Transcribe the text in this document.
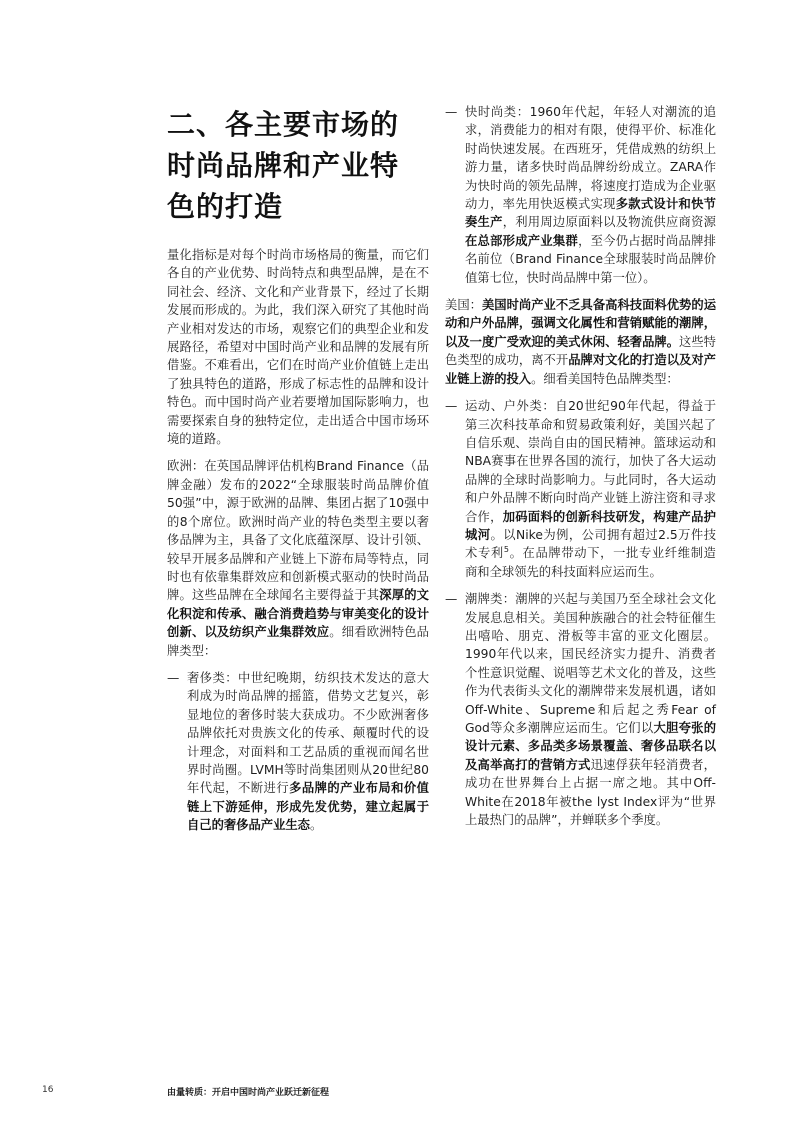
二、各主要市场的时尚品牌和产业特色的打造

量化指标是对每个时尚市场格局的衡量，而它们各自的产业优势、时尚特点和典型品牌，是在不同社会、经济、文化和产业背景下，经过了长期发展而形成的。为此，我们深入研究了其他时尚产业相对发达的市场，观察它们的典型企业和发展路径，希望对中国时尚产业和品牌的发展有所借鉴。不难看出，它们在时尚产业价值链上走出了独具特色的道路，形成了标志性的品牌和设计特色。而中国时尚产业若要增加国际影响力，也需要探索自身的独特定位，走出适合中国市场环境的道路。

欧洲：在英国品牌评估机构Brand Finance（品牌金融）发布的2022“全球服装时尚品牌价值50强”中，源于欧洲的品牌、集团占据了10强中的8个席位。欧洲时尚产业的特色类型主要以奢侈品牌为主，具备了文化底蕴深厚、设计引领、较早开展多品牌和产业链上下游布局等特点，同时也有依靠集群效应和创新模式驱动的快时尚品牌。这些品牌在全球闻名主要得益于其深厚的文化积淀和传承、融合消费趋势与审美变化的设计创新、以及纺织产业集群效应。细看欧洲特色品牌类型：

— 奢侈类：中世纪晚期，纺织技术发达的意大利成为时尚品牌的摇篮，借势文艺复兴，彰显地位的奢侈时装大获成功。不少欧洲奢侈品牌依托对贵族文化的传承、颠覆时代的设计理念，对面料和工艺品质的重视而闻名世界时尚圈。LVMH等时尚集团则从20世纪80年代起，不断进行多品牌的产业布局和价值链上下游延伸，形成先发优势，建立起属于自己的奢侈品产业生态。
— 快时尚类：1960年代起，年轻人对潮流的追求，消费能力的相对有限，使得平价、标准化时尚快速发展。在西班牙，凭借成熟的纺织上游力量，诸多快时尚品牌纷纷成立。ZARA作为快时尚的领先品牌，将速度打造成为企业驱动力，率先用快返模式实现多款式设计和快节奏生产，利用周边原面料以及物流供应商资源在总部形成产业集群，至今仍占据时尚品牌排名前位（Brand Finance全球服装时尚品牌价值第七位，快时尚品牌中第一位）。

美国：美国时尚产业不乏具备高科技面料优势的运动和户外品牌，强调文化属性和营销赋能的潮牌，以及一度广受欢迎的美式休闲、轻奢品牌。这些特色类型的成功，离不开品牌对文化的打造以及对产业链上游的投入。细看美国特色品牌类型：

— 运动、户外类：自20世纪90年代起，得益于第三次科技革命和贸易政策利好，美国兴起了自信乐观、崇尚自由的国民精神。篮球运动和NBA赛事在世界各国的流行，加快了各大运动品牌的全球时尚影响力。与此同时，各大运动和户外品牌不断向时尚产业链上游注资和寻求合作，加码面料的创新科技研发，构建产品护城河。以Nike为例，公司拥有超过2.5万件技术专利$^5$。在品牌带动下，一批专业纤维制造商和全球领先的科技面料应运而生。
— 潮牌类：潮牌的兴起与美国乃至全球社会文化发展息息相关。美国种族融合的社会特征催生出嘻哈、朋克、滑板等丰富的亚文化圈层。1990年代以来，国民经济实力提升、消费者个性意识觉醒、说唱等艺术文化的普及，这些作为代表街头文化的潮牌带来发展机遇，诸如Off-White、Supreme和后起之秀Fear of God等众多潮牌应运而生。它们以大胆夸张的设计元素、多品类多场景覆盖、奢侈品联名以及高举高打的营销方式迅速俘获年轻消费者，成功在世界舞台上占据一席之地。其中Off-White在2018年被the lyst Index评为“世界上最热门的品牌”，并蝉联多个季度。
16	由量转质：开启中国时尚产业跃迁新征程
